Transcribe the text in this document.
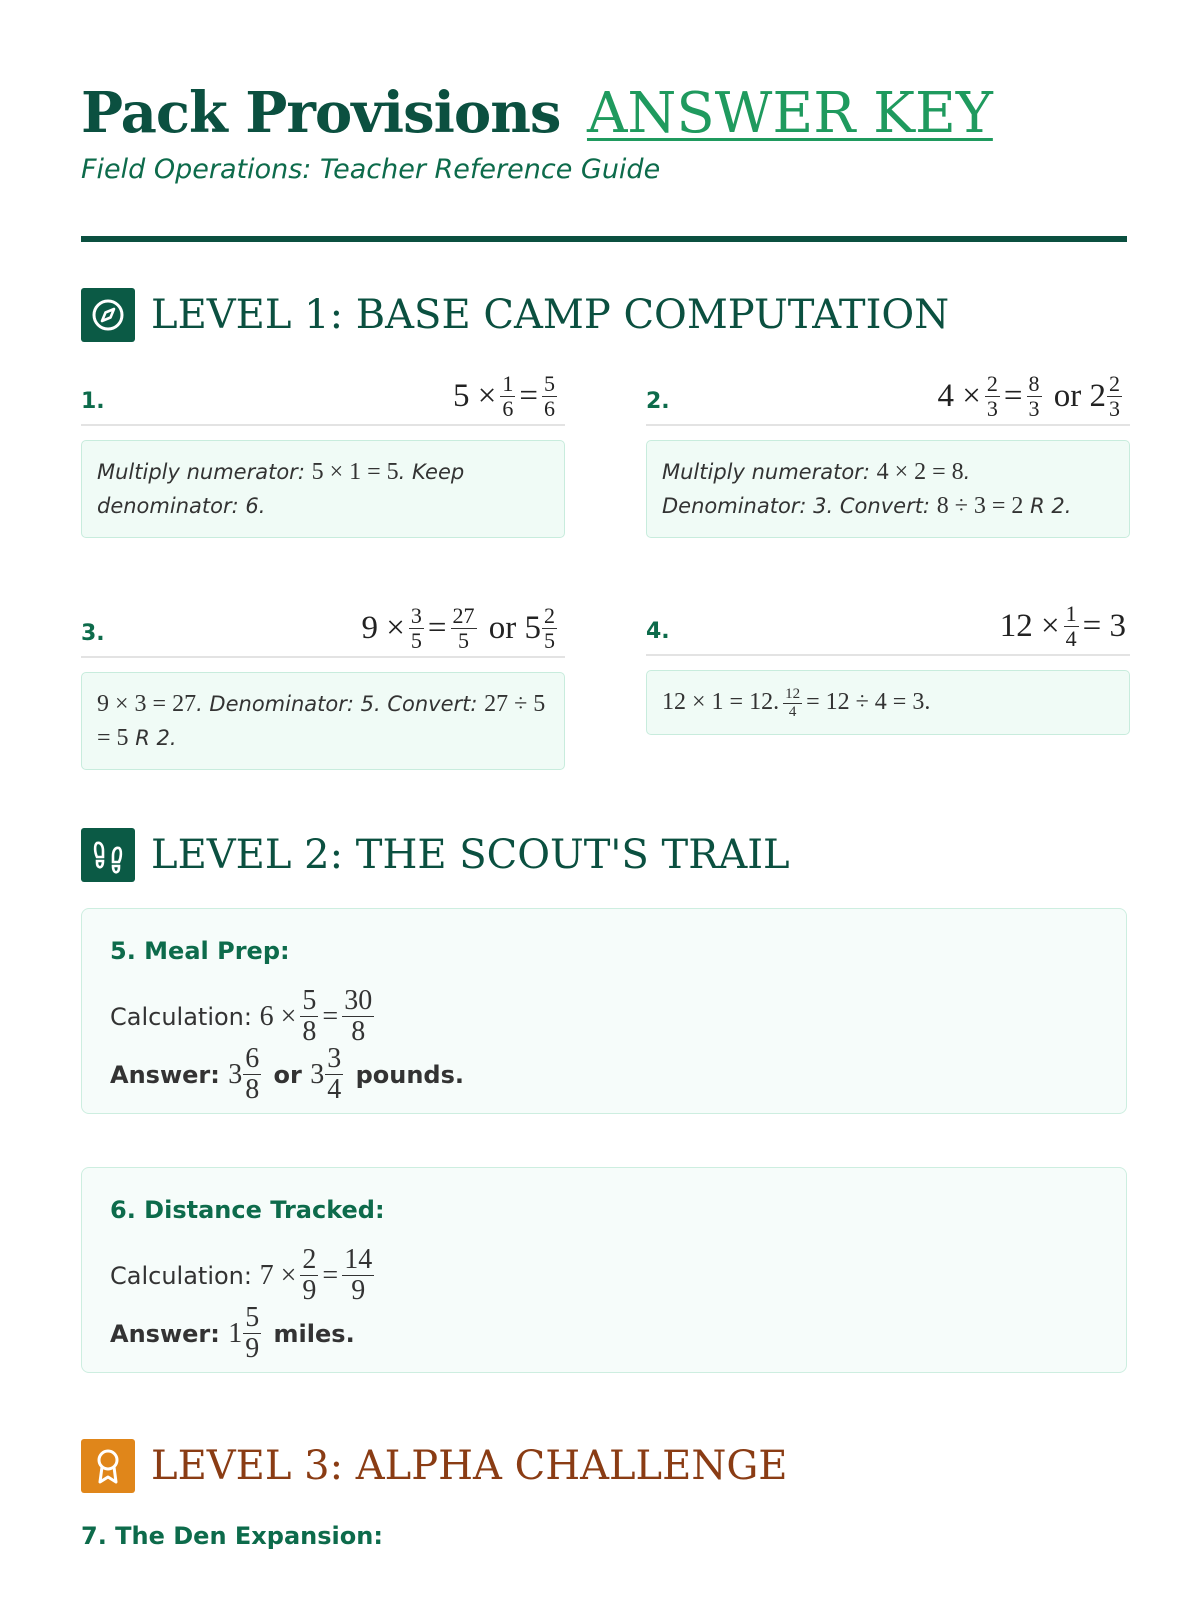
Pack Provisions ANSWER KEY
Field Operations: Teacher Reference Guide
LEVEL 1: BASE CAMP COMPUTATION
1.	5 × 1
6 = 5
6
Multiply numerator: 5 × 1 = 5. Keep denominator: 6.
2.	4 × 2
3 = 8
3 or 2 2
3
Multiply numerator: 4 × 2 = 8. Denominator: 3. Convert: 8 ÷ 3 = 2 R 2.
3.	9 × 3
5 = 27
5 or 5 2
5
9 × 3 = 27. Denominator: 5. Convert: 27 ÷ 5 = 5 R 2.
4.	12 × 1
4 = 3
12 × 1 = 12. $\frac{12}{4} = 12 \div 4 = 3$.
LEVEL 2: THE SCOUT'S TRAIL
5. Meal Prep:
Calculation:
$6 \times \frac{5}{8} = \frac{30}{8}$
Answer:
3 6
8
or
3 3
4
pounds.
6. Distance Tracked:
Calculation:
$7 \times \frac{2}{9} = \frac{14}{9}$
Answer:
1 5
9
miles.
LEVEL 3: ALPHA CHALLENGE
7. The Den Expansion:
